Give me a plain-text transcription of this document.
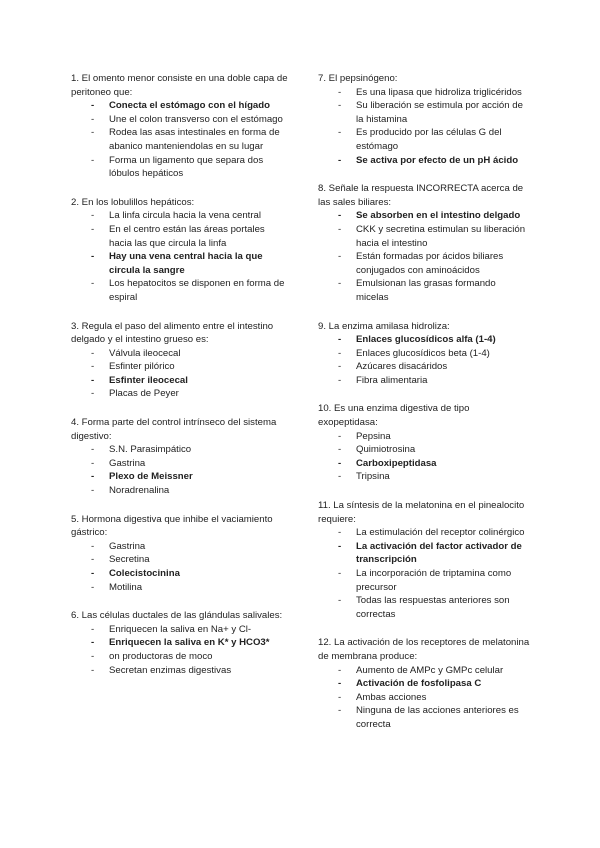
1. El omento menor consiste en una doble capa de peritoneo que:
- Conecta el estómago con el hígado
- Une el colon transverso con el estómago
- Rodea las asas intestinales en forma de abanico manteniendolas en su lugar
- Forma un ligamento que separa dos lóbulos hepáticos
2. En los lobulillos hepáticos:
- La linfa circula hacia la vena central
- En el centro están las áreas portales hacia las que circula la linfa
- Hay una vena central hacia la que circula la sangre
- Los hepatocitos se disponen en forma de espiral
3. Regula el paso del alimento entre el intestino delgado y el intestino grueso es:
- Válvula ileocecal
- Esfinter pilórico
- Esfinter ileocecal
- Placas de Peyer
4. Forma parte del control intrínseco del sistema digestivo:
- S.N. Parasimpático
- Gastrina
- Plexo de Meissner
- Noradrenalina
5. Hormona digestiva que inhibe el vaciamiento gástrico:
- Gastrina
- Secretina
- Colecistocinina
- Motilina
6. Las células ductales de las glándulas salivales:
- Enriquecen la saliva en Na+ y Cl-
- Enriquecen la saliva en K* y HCO3*
- on productoras de moco
- Secretan enzimas digestivas
7. El pepsinógeno:
- Es una lipasa que hidroliza triglicéridos
- Su liberación se estimula por acción de la histamina
- Es producido por las células G del estómago
- Se activa por efecto de un pH ácido
8. Señale la respuesta INCORRECTA acerca de las sales biliares:
- Se absorben en el intestino delgado
- CKK y secretina estimulan su liberación hacia el intestino
- Están formadas por ácidos biliares conjugados con aminoácidos
- Emulsionan las grasas formando micelas
9. La enzima amilasa hidroliza:
- Enlaces glucosídicos alfa (1-4)
- Enlaces glucosídicos beta (1-4)
- Azúcares disacáridos
- Fibra alimentaria
10. Es una enzima digestiva de tipo exopeptidasa:
- Pepsina
- Quimiotrosina
- Carboxipeptidasa
- Tripsina
11. La síntesis de la melatonina en el pinealocito requiere:
- La estimulación del receptor colinérgico
- La activación del factor activador de transcripción
- La incorporación de triptamina como precursor
- Todas las respuestas anteriores son correctas
12. La activación de los receptores de melatonina de membrana produce:
- Aumento de AMPc y GMPc celular
- Activación de fosfolipasa C
- Ambas acciones
- Ninguna de las acciones anteriores es correcta
